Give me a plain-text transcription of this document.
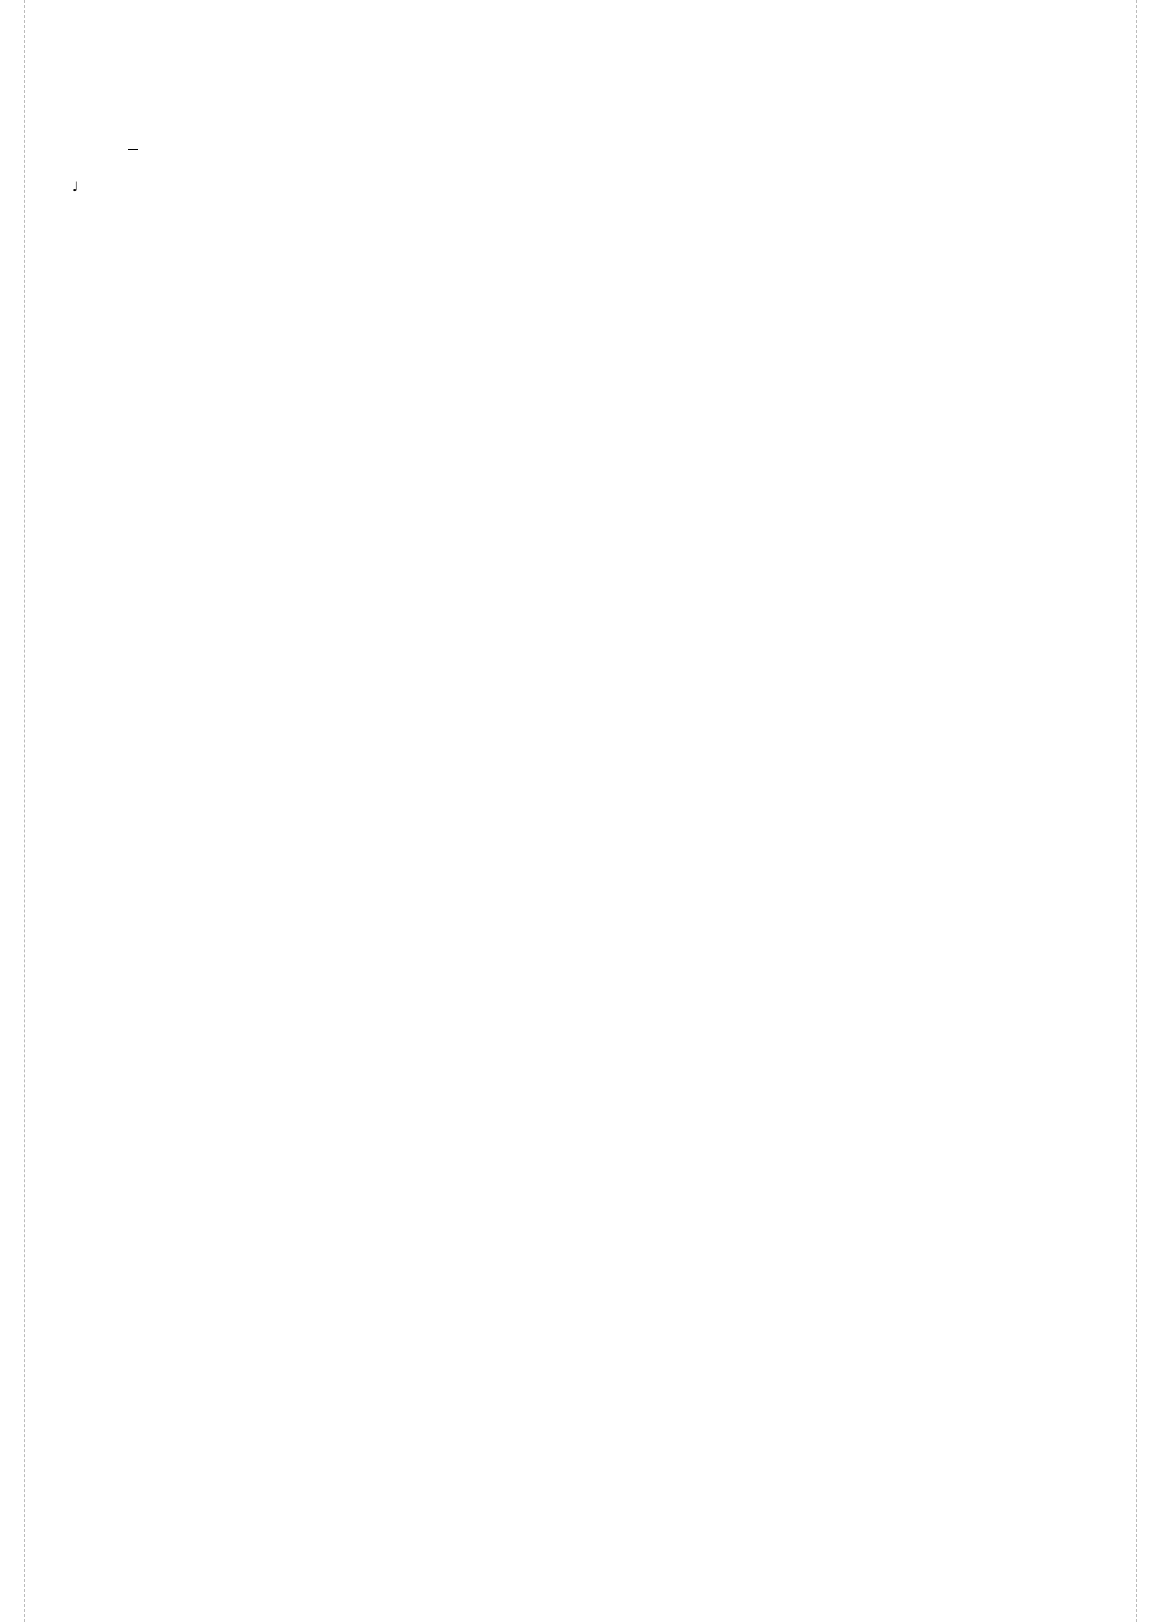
♩
